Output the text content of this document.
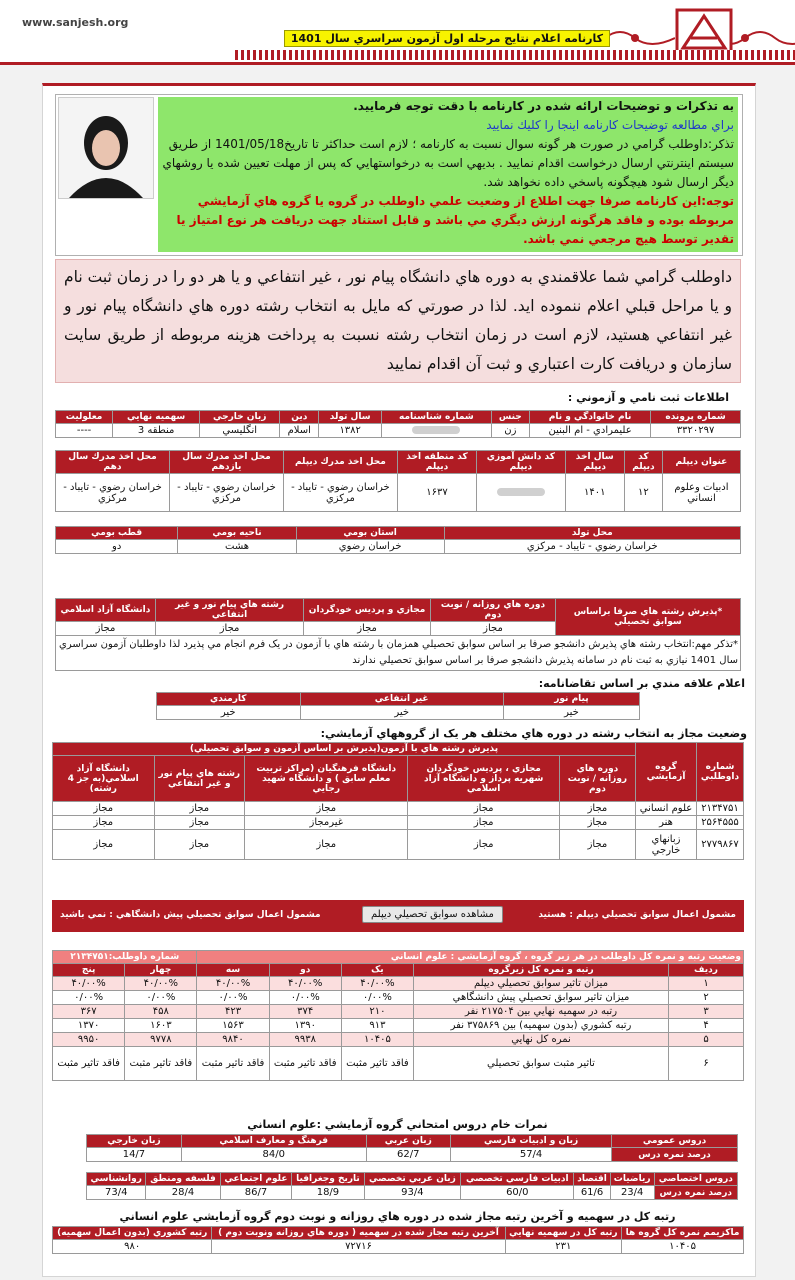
www.sanjesh.org
كارنامه اعلام نتايج مرحله اول آزمون سراسري سال 1401
به تذكرات و توضيحات ارائه شده در كارنامه با دقت توجه فرماييد.
براي مطالعه توضيحات كارنامه اينجا را كليك نماييد
تذكر:داوطلب گرامي در صورت هر گونه سوال نسبت به كارنامه ؛ لازم است حداكثر تا تاريخ1401/05/18 از طريق سيستم اينترنتي ارسال درخواست اقدام نماييد . بديهي است به درخواستهايي كه پس از مهلت تعيين شده يا روشهاي ديگر ارسال شود هيچگونه پاسخي داده نخواهد شد.
توجه:اين كارنامه صرفا جهت اطلاع از وضعيت علمي داوطلب در گروه يا گروه هاي آزمايشي مربوطه بوده و فاقد هرگونه ارزش ديگري مي باشد و قابل استناد جهت دريافت هر نوع امتياز يا تقدير توسط هيچ مرجعي نمي باشد.
داوطلب گرامي شما علاقمندي به دوره هاي دانشگاه پيام نور ، غير انتفاعي و يا هر دو را در زمان ثبت نام و يا مراحل قبلي اعلام ننموده ايد. لذا در صورتي كه مايل به انتخاب رشته دوره هاي دانشگاه پيام نور و غير انتفاعي هستيد، لازم است در زمان انتخاب رشته نسبت به پرداخت هزينه مربوطه از طريق سايت سازمان و دريافت كارت اعتباري و ثبت آن اقدام نماييد
اطلاعات ثبت نامي و آزموني :
شماره پرونده	نام خانوادگي و نام	جنس	شماره شناسنامه	سال تولد	دين	زبان خارجي	سهميه نهايي	معلوليت
۳۳۲۰۲۹۷	عليمرادي - ام البنين	زن		۱۳۸۲	اسلام	انگليسي	منطقه 3	----
عنوان ديپلم	كد ديپلم	سال اخذ ديپلم	كد دانش آموزي ديپلم	كد منطقه اخذ ديپلم	محل اخذ مدرك ديپلم	محل اخذ مدرك سال يازدهم	محل اخذ مدرك سال دهم
ادبيات وعلوم انساني	۱۲	۱۴۰۱		۱۶۳۷	خراسان رضوي - تايباد - مركزي	خراسان رضوي - تايباد - مركزي	خراسان رضوي - تايباد - مركزي
محل تولد	استان بومي	ناحيه بومي	قطب بومي
خراسان رضوي - تايباد - مركزي	خراسان رضوي	هشت	دو
*پذيرش رشته هاي صرفا براساس سوابق تحصيلي	دوره هاي روزانه / نوبت دوم	مجازي و پرديس خودگردان	رشته هاي پيام نور و غير انتفاعي	دانشگاه آزاد اسلامي
	مجاز	مجاز	مجاز	مجاز
*تذكر مهم:انتخاب رشته هاي پذيرش دانشجو صرفا بر اساس سوابق تحصيلي همزمان با رشته هاي با آزمون در يک فرم انجام مي پذيرد لذا داوطلبان آزمون سراسري سال 1401 نيازي به ثبت نام در سامانه پذيرش دانشجو صرفا بر اساس سوابق تحصيلي ندارند				
اعلام علاقه مندي بر اساس تقاضانامه:
پيام نور	غير انتفاعي	كارمندي
خير	خير	خير
وضعيت مجاز به انتخاب رشته در دوره هاي مختلف هر يک از گروههاي آزمايشي:
شماره داوطلبي	گروه آزمايشي	پذيرش رشته هاي با آزمون(پذيرش بر اساس آزمون و سوابق تحصيلي)				
		دوره هاي روزانه / نوبت دوم	مجازي ، پرديس خودگردان شهريه پرداز و دانشگاه آزاد اسلامي	دانشگاه فرهنگيان (مراكز تربيت معلم سابق ) و دانشگاه شهيد رجايي	رشته هاي پيام نور و غير انتفاعي	دانشگاه آزاد اسلامي(به جز 4 رشته)
۲۱۳۴۷۵۱	علوم انساني	مجاز	مجاز	مجاز	مجاز	مجاز
۲۵۶۴۵۵۵	هنر	مجاز	مجاز	غيرمجاز	مجاز	مجاز
۲۷۷۹۸۶۷	زبانهاي خارجي	مجاز	مجاز	مجاز	مجاز	مجاز
مشمول اعمال سوابق تحصيلي ديپلم : هستيد
مشاهده سوابق تحصيلي ديپلم
مشمول اعمال سوابق تحصيلي پيش دانشگاهي : نمي باشيد
وضعيت رتبه و نمره كل داوطلب در هر زير گروه ، گروه آزمايشي : علوم انساني					شماره داوطلب:۲۱۳۴۷۵۱	
رديف	رتبه و نمره كل زيرگروه	يک	دو	سه	چهار	پنج
۱	ميزان تاثير سوابق تحصيلي ديپلم	۴۰/۰۰%	۴۰/۰۰%	۴۰/۰۰%	۴۰/۰۰%	۴۰/۰۰%
۲	ميزان تاثير سوابق تحصيلي پيش دانشگاهي	۰/۰۰%	۰/۰۰%	۰/۰۰%	۰/۰۰%	۰/۰۰%
۳	رتبه در سهميه نهايي بين ۲۱۷۵۰۴ نفر	۲۱۰	۳۷۴	۴۲۳	۴۵۸	۳۶۷
۴	رتبه كشوري (بدون سهميه) بين ۳۷۵۸۶۹ نفر	۹۱۳	۱۳۹۰	۱۵۶۳	۱۶۰۳	۱۳۷۰
۵	نمره كل نهايي	۱۰۴۰۵	۹۹۳۸	۹۸۴۰	۹۷۷۸	۹۹۵۰
۶	تاثير مثبت سوابق تحصيلي	فاقد تاثير مثبت	فاقد تاثير مثبت	فاقد تاثير مثبت	فاقد تاثير مثبت	فاقد تاثير مثبت
نمرات خام دروس امتحاني گروه آزمايشي :علوم انساني
دروس عمومي	زبان و ادبيات فارسي	زبان عربي	فرهنگ و معارف اسلامي	زبان خارجي
درصد نمره درس	57/4	62/7	84/0	14/7
دروس اختصاصي	رياضيات	اقتصاد	ادبيات فارسي تخصصي	زبان عربي تخصصي	تاريخ وجغرافيا	علوم اجتماعي	فلسفه ومنطق	روانشناسي
درصد نمره درس	23/4	61/6	60/0	93/4	18/9	86/7	28/4	73/4
رتبه كل در سهميه و آخرين رتبه مجاز شده در دوره هاي روزانه و نوبت دوم گروه آزمايشي علوم انساني
ماكزيمم نمره كل گروه ها	رتبه كل در سهميه نهايي	آخرين رتبه مجاز شده در سهميه ( دوره هاي روزانه ونوبت دوم )	رتبه كشوري (بدون اعمال سهميه)
۱۰۴۰۵	۲۳۱	۷۲۷۱۶	۹۸۰
